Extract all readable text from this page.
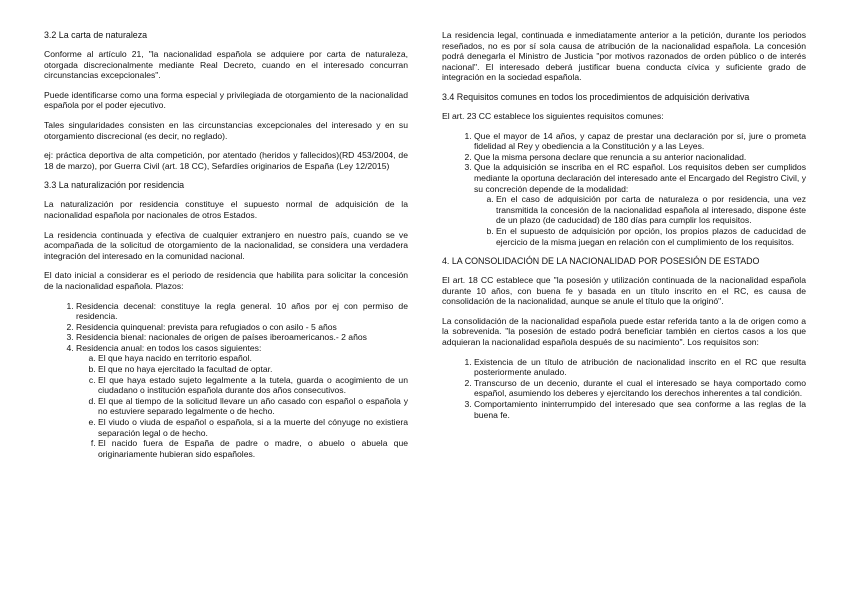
3.2 La carta de naturaleza

Conforme al artículo 21, "la nacionalidad española se adquiere por carta de naturaleza, otorgada discrecionalmente mediante Real Decreto, cuando en el interesado concurran circunstancias excepcionales".

Puede identificarse como una forma especial y privilegiada de otorgamiento de la nacionalidad española por el poder ejecutivo.

Tales singularidades consisten en las circunstancias excepcionales del interesado y en su otorgamiento discrecional (es decir, no reglado).

ej: práctica deportiva de alta competición, por atentado (heridos y fallecidos)(RD 453/2004, de 18 de marzo), por Guerra Civil (art. 18 CC), Sefardíes originarios de España (Ley 12/2015)

3.3 La naturalización por residencia

La naturalización por residencia constituye el supuesto normal de adquisición de la nacionalidad española por nacionales de otros Estados.

La residencia continuada y efectiva de cualquier extranjero en nuestro país, cuando se ve acompañada de la solicitud de otorgamiento de la nacionalidad, se considera una verdadera integración del interesado en la comunidad nacional.

El dato inicial a considerar es el periodo de residencia que habilita para solicitar la concesión de la nacionalidad española. Plazos:

1. Residencia decenal: constituye la regla general. 10 años por ej con permiso de residencia.
2. Residencia quinquenal: prevista para refugiados o con asilo - 5 años
3. Residencia bienal: nacionales de origen de países iberoamericanos.- 2 años
4. Residencia anual: en todos los casos siguientes:
a. El que haya nacido en territorio español.
b. El que no haya ejercitado la facultad de optar.
c. El que haya estado sujeto legalmente a la tutela, guarda o acogimiento de un ciudadano o institución española durante dos años consecutivos.
d. El que al tiempo de la solicitud llevare un año casado con español o española y no estuviere separado legalmente o de hecho.
e. El viudo o viuda de español o española, si a la muerte del cónyuge no existiera separación legal o de hecho.
f. El nacido fuera de España de padre o madre, o abuelo o abuela que originariamente hubieran sido españoles.

La residencia legal, continuada e inmediatamente anterior a la petición, durante los periodos reseñados, no es por sí sola causa de atribución de la nacionalidad española. La concesión podrá denegarla el Ministro de Justicia "por motivos razonados de orden público o de interés nacional". El interesado deberá justificar buena conducta cívica y suficiente grado de integración en la sociedad española.

3.4 Requisitos comunes en todos los procedimientos de adquisición derivativa

El art. 23 CC establece los siguientes requisitos comunes:

1. Que el mayor de 14 años, y capaz de prestar una declaración por sí, jure o prometa fidelidad al Rey y obediencia a la Constitución y a las Leyes.
2. Que la misma persona declare que renuncia a su anterior nacionalidad.
3. Que la adquisición se inscriba en el RC español. Los requisitos deben ser cumplidos mediante la oportuna declaración del interesado ante el Encargado del Registro Civil, y su concreción depende de la modalidad:
a. En el caso de adquisición por carta de naturaleza o por residencia, una vez transmitida la concesión de la nacionalidad española al interesado, dispone éste de un plazo (de caducidad) de 180 días para cumplir los requisitos.
b. En el supuesto de adquisición por opción, los propios plazos de caducidad de ejercicio de la misma juegan en relación con el cumplimiento de los requisitos.
4. LA CONSOLIDACIÓN DE LA NACIONALIDAD POR POSESIÓN DE ESTADO

El art. 18 CC establece que "la posesión y utilización continuada de la nacionalidad española durante 10 años, con buena fe y basada en un título inscrito en el RC, es causa de consolidación de la nacionalidad, aunque se anule el título que la originó".

La consolidación de la nacionalidad española puede estar referida tanto a la de origen como a la sobrevenida. "la posesión de estado podrá beneficiar también en ciertos casos a los que adquieran la nacionalidad española después de su nacimiento". Los requisitos son:

1. Existencia de un título de atribución de nacionalidad inscrito en el RC que resulta posteriormente anulado.
2. Transcurso de un decenio, durante el cual el interesado se haya comportado como español, asumiendo los deberes y ejercitando los derechos inherentes a tal condición.
3. Comportamiento ininterrumpido del interesado que sea conforme a las reglas de la buena fe.
